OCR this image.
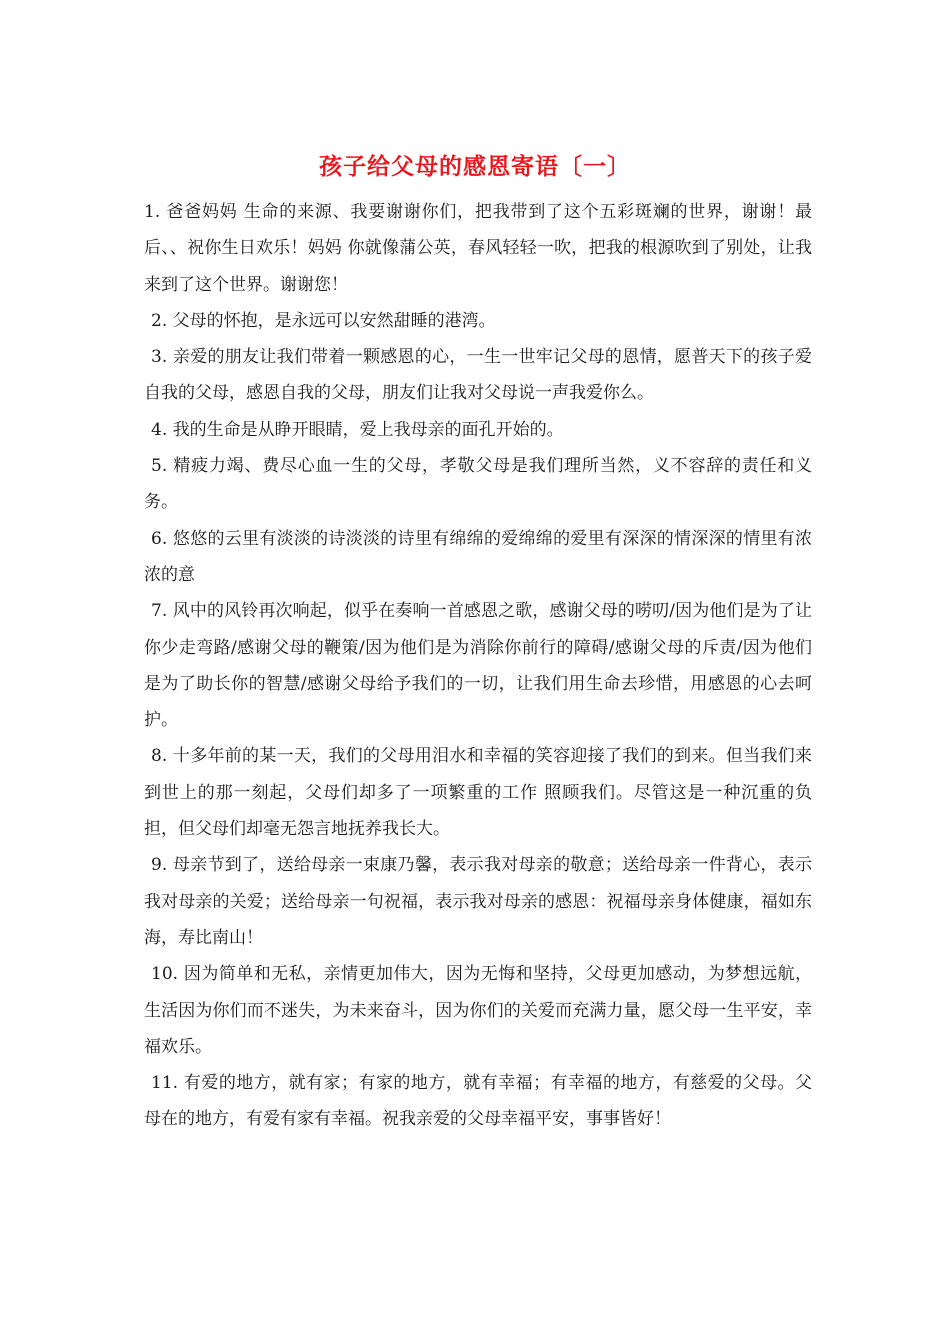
孩子给父母的感恩寄语〔一〕

1. 爸爸妈妈 生命的来源、我要谢谢你们，把我带到了这个五彩斑斓的世界，谢谢！最后、、祝你生日欢乐！妈妈 你就像蒲公英，春风轻轻一吹，把我的根源吹到了别处，让我来到了这个世界。谢谢您！

2. 父母的怀抱，是永远可以安然甜睡的港湾。

3. 亲爱的朋友让我们带着一颗感恩的心，一生一世牢记父母的恩情，愿普天下的孩子爱自我的父母，感恩自我的父母，朋友们让我对父母说一声我爱你么。

4. 我的生命是从睁开眼睛，爱上我母亲的面孔开始的。

5. 精疲力竭、费尽心血一生的父母，孝敬父母是我们理所当然，义不容辞的责任和义务。

6. 悠悠的云里有淡淡的诗淡淡的诗里有绵绵的爱绵绵的爱里有深深的情深深的情里有浓浓的意

7. 风中的风铃再次响起，似乎在奏响一首感恩之歌，感谢父母的唠叨/因为他们是为了让你少走弯路/感谢父母的鞭策/因为他们是为消除你前行的障碍/感谢父母的斥责/因为他们是为了助长你的智慧/感谢父母给予我们的一切，让我们用生命去珍惜，用感恩的心去呵护。

8. 十多年前的某一天，我们的父母用泪水和幸福的笑容迎接了我们的到来。但当我们来到世上的那一刻起，父母们却多了一项繁重的工作 照顾我们。尽管这是一种沉重的负担，但父母们却毫无怨言地抚养我长大。

9. 母亲节到了，送给母亲一束康乃馨，表示我对母亲的敬意；送给母亲一件背心，表示我对母亲的关爱；送给母亲一句祝福，表示我对母亲的感恩：祝福母亲身体健康，福如东海，寿比南山！

10. 因为简单和无私，亲情更加伟大，因为无悔和坚持，父母更加感动，为梦想远航，生活因为你们而不迷失，为未来奋斗，因为你们的关爱而充满力量，愿父母一生平安，幸福欢乐。

11. 有爱的地方，就有家；有家的地方，就有幸福；有幸福的地方，有慈爱的父母。父母在的地方，有爱有家有幸福。祝我亲爱的父母幸福平安，事事皆好！
